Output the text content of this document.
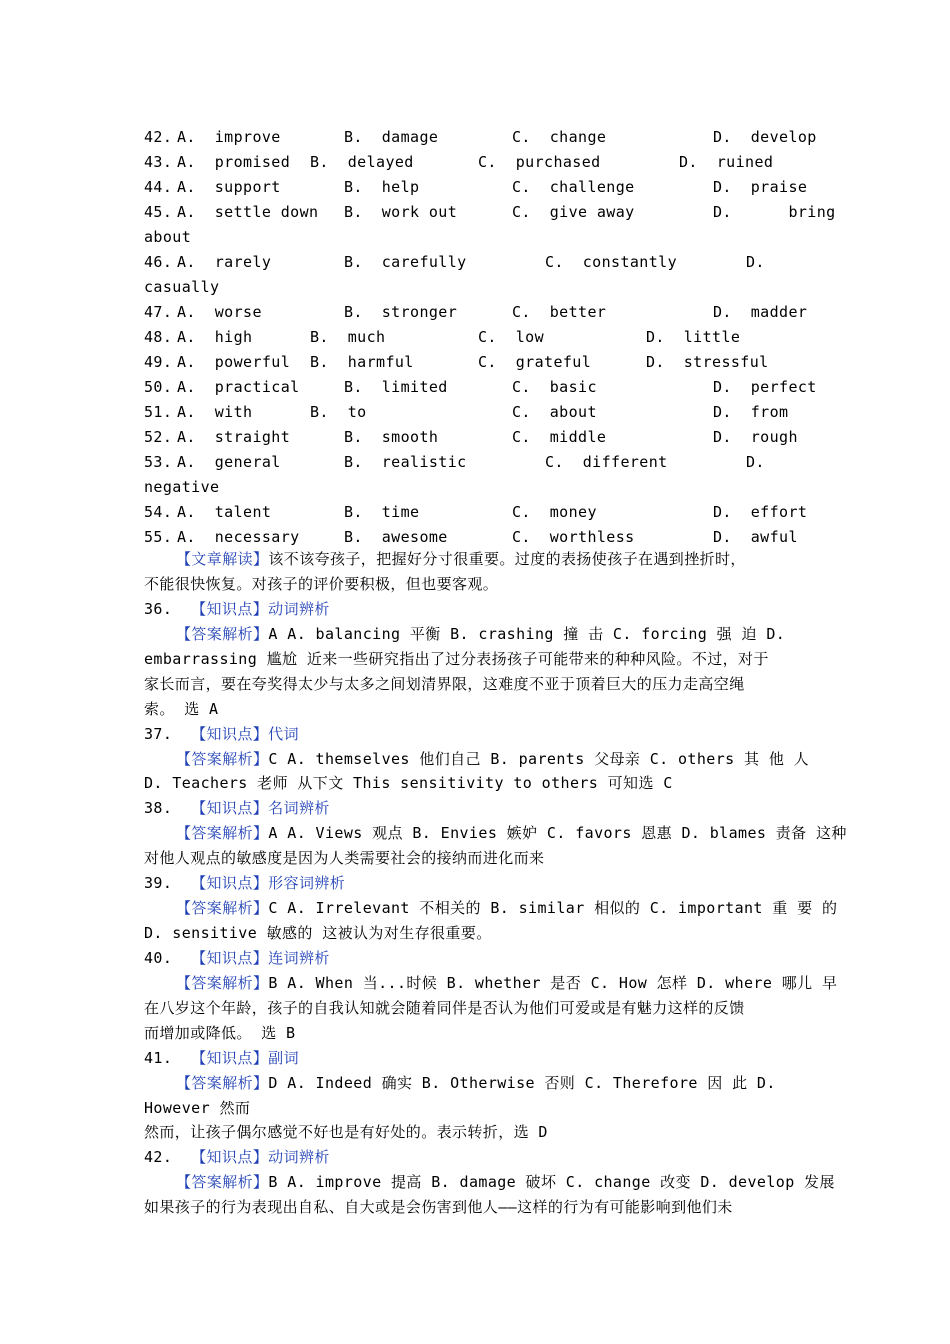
42. A.  improve	B.  damage	C.  change	D.  develop
43. A.  promised B.  delayed	C.  purchased	D.  ruined
44. A.  support	B.  help	C.  challenge	D.  praise
45. A.  settle down B.  work out	C.  give away	D.      bring
about
46. A.  rarely	B.  carefully	C.  constantly	D.
casually
47. A.  worse	B.  stronger	C.  better	D.  madder
48. A.  high	B.  much	C.  low	D.  little
49. A.  powerful B.  harmful	C.  grateful	D.  stressful
50. A.  practical	B.  limited	C.  basic	D.  perfect
51. A.  with	B.  to	C.  about	D.  from
52. A.  straight	B.  smooth	C.  middle	D.  rough
53. A.  general	B.  realistic	C.  different	D.
negative
54. A.  talent	B.  time	C.  money	D.  effort
55. A.  necessary	B.  awesome	C.  worthless	D.  awful
【文章解读】该不该夸孩子，把握好分寸很重要。过度的表扬使孩子在遇到挫折时，
不能很快恢复。对孩子的评价要积极，但也要客观。
36.  【知识点】动词辨析
【答案解析】A A. balancing 平衡 B. crashing 撞 击 C. forcing 强 迫 D.
embarrassing 尴尬 近来一些研究指出了过分表扬孩子可能带来的种种风险。不过，对于
家长而言，要在夸奖得太少与太多之间划清界限，这难度不亚于顶着巨大的压力走高空绳
索。 选 A
37.  【知识点】代词
【答案解析】C A. themselves 他们自己 B. parents 父母亲 C. others 其 他 人
D. Teachers 老师 从下文 This sensitivity to others 可知选 C
38.  【知识点】名词辨析
【答案解析】A A. Views 观点 B. Envies 嫉妒 C. favors 恩惠 D. blames 责备 这种
对他人观点的敏感度是因为人类需要社会的接纳而进化而来
39.  【知识点】形容词辨析
【答案解析】C A. Irrelevant 不相关的 B. similar 相似的 C. important 重 要 的
D. sensitive 敏感的 这被认为对生存很重要。
40.  【知识点】连词辨析
【答案解析】B A. When 当...时候 B. whether 是否 C. How 怎样 D. where 哪儿 早
在八岁这个年龄，孩子的自我认知就会随着同伴是否认为他们可爱或是有魅力这样的反馈
而增加或降低。 选 B
41.  【知识点】副词
【答案解析】D A. Indeed 确实 B. Otherwise 否则 C. Therefore 因 此 D.
However 然而
然而，让孩子偶尔感觉不好也是有好处的。表示转折，选 D
42.  【知识点】动词辨析
【答案解析】B A. improve 提高 B. damage 破坏 C. change 改变 D. develop 发展
如果孩子的行为表现出自私、自大或是会伤害到他人——这样的行为有可能影响到他们未
